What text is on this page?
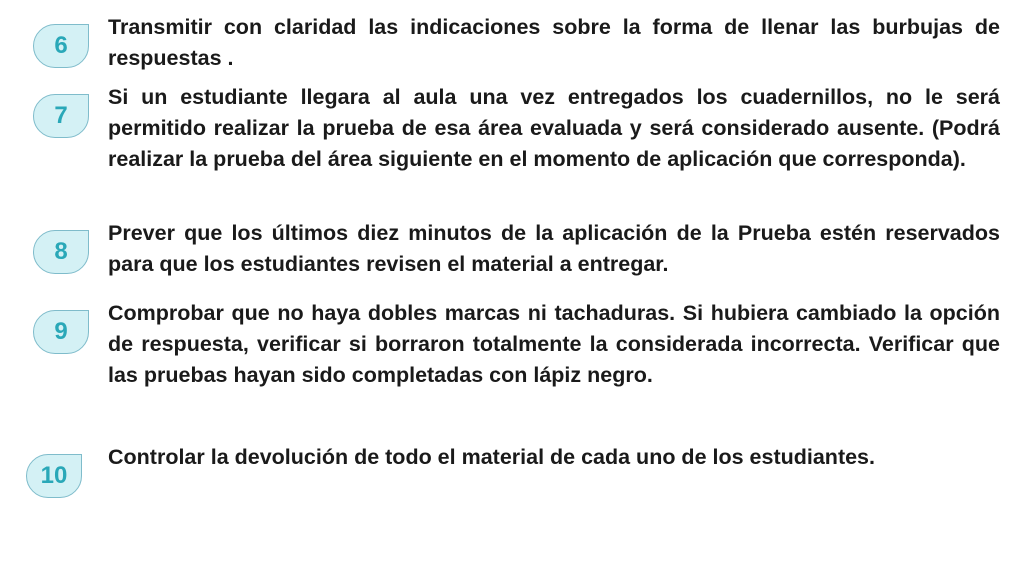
6

Transmitir con claridad las indicaciones sobre la forma de llenar las burbujas de respuestas .

7

Si un estudiante llegara al aula una vez entregados los cuadernillos, no le será permitido realizar la prueba de esa área evaluada y será considerado ausente. (Podrá realizar la prueba del área siguiente en el momento de aplicación que corresponda).

8

Prever que los últimos diez minutos de la aplicación de la Prueba estén reservados para que los estudiantes revisen el material a entregar.

9

Comprobar que no haya dobles marcas ni tachaduras. Si hubiera cambiado la opción de respuesta, verificar si borraron totalmente la considerada incorrecta. Verificar que las pruebas hayan sido completadas con lápiz negro.

10

Controlar la devolución de todo el material de cada uno de los estudiantes.
